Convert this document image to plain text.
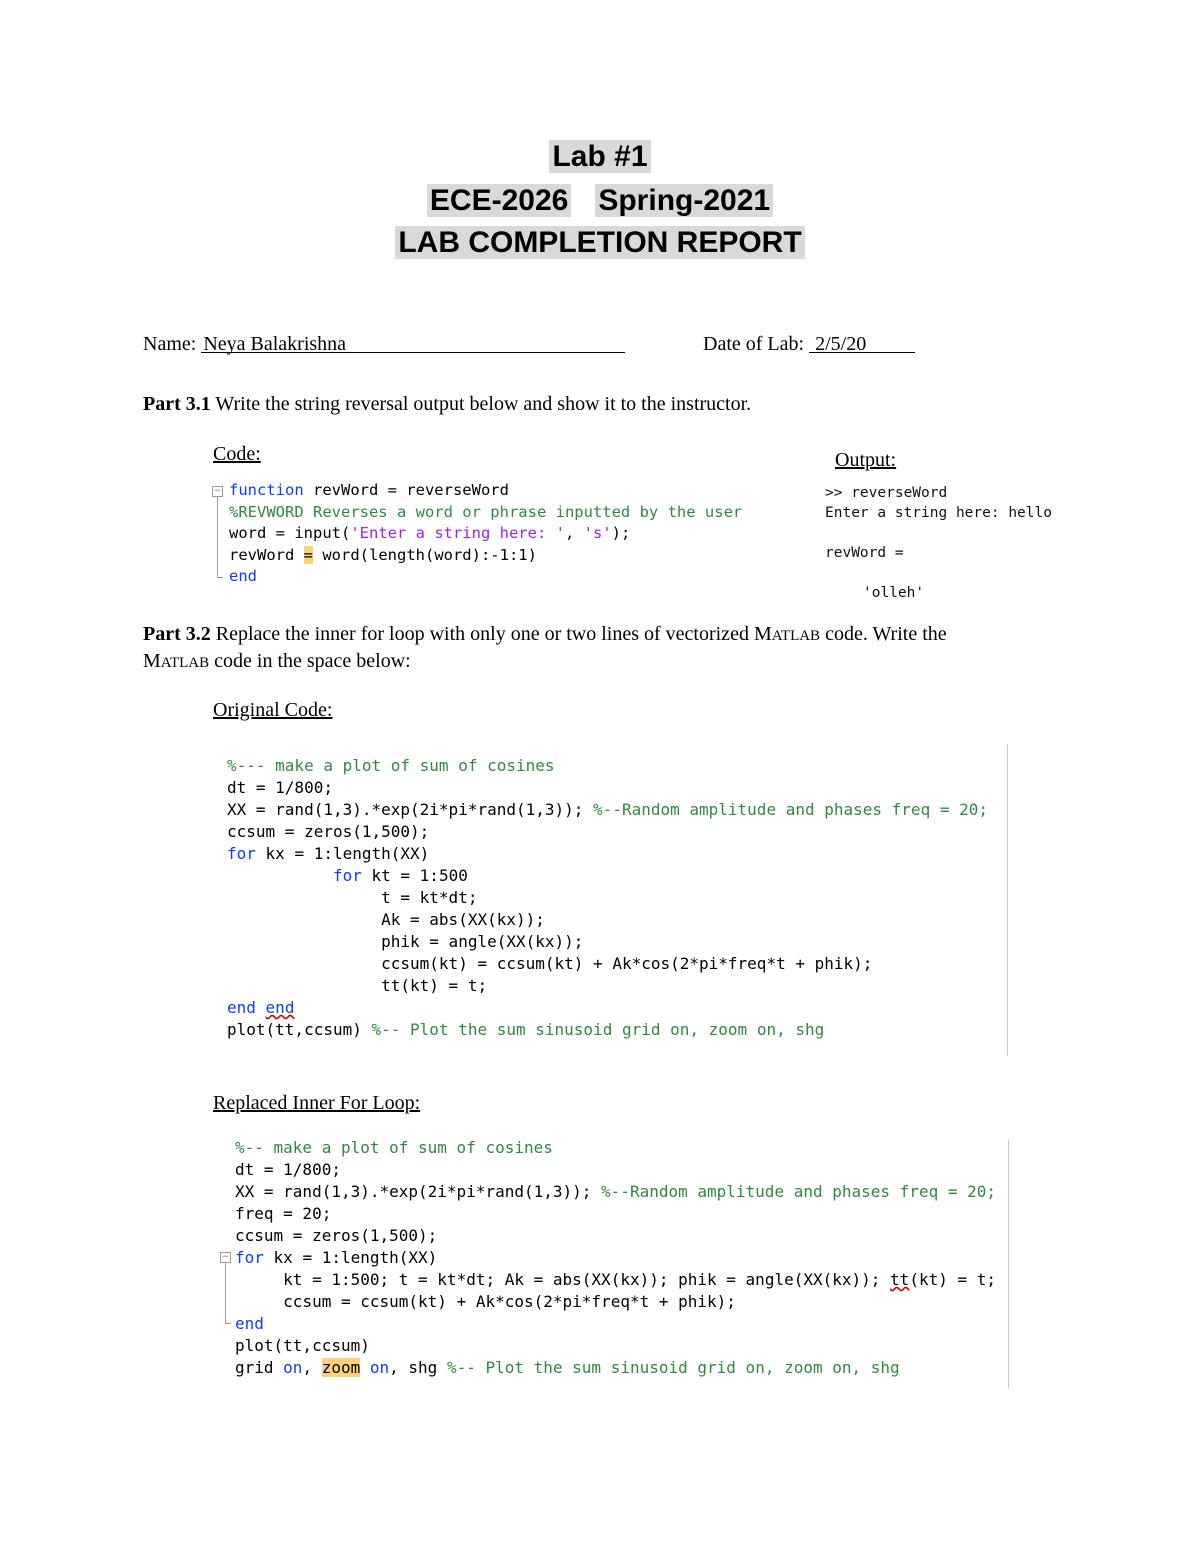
Lab #1
ECE-2026 Spring-2021
LAB COMPLETION REPORT
Name: Neya Balakrishna	Date of Lab: 2/5/20
Part 3.1 Write the string reversal output below and show it to the instructor.
Code:	Output:
− function revWord = reverseWord
%REVWORD Reverses a word or phrase inputted by the user
word = input('Enter a string here: ', 's');
revWord = word(length(word):-1:1)
end
>> reverseWord
Enter a string here: hello

revWord =

'olleh'
Part 3.2 Replace the inner for loop with only one or two lines of vectorized MATLAB code. Write the
MATLAB code in the space below:
Original Code:
%--- make a plot of sum of cosines
dt = 1/800;
XX = rand(1,3).*exp(2i*pi*rand(1,3)); %--Random amplitude and phases freq = 20;
ccsum = zeros(1,500);
for kx = 1:length(XX)
for kt = 1:500
t = kt*dt;
Ak = abs(XX(kx));
phik = angle(XX(kx));
ccsum(kt) = ccsum(kt) + Ak*cos(2*pi*freq*t + phik);
tt(kt) = t;
end end
plot(tt,ccsum) %-- Plot the sum sinusoid grid on, zoom on, shg
Replaced Inner For Loop:
−
%-- make a plot of sum of cosines
dt = 1/800;
XX = rand(1,3).*exp(2i*pi*rand(1,3)); %--Random amplitude and phases freq = 20;
freq = 20;
ccsum = zeros(1,500);
for kx = 1:length(XX)
kt = 1:500; t = kt*dt; Ak = abs(XX(kx)); phik = angle(XX(kx)); tt(kt) = t;
ccsum = ccsum(kt) + Ak*cos(2*pi*freq*t + phik);
end
plot(tt,ccsum)
grid on, zoom on, shg %-- Plot the sum sinusoid grid on, zoom on, shg
